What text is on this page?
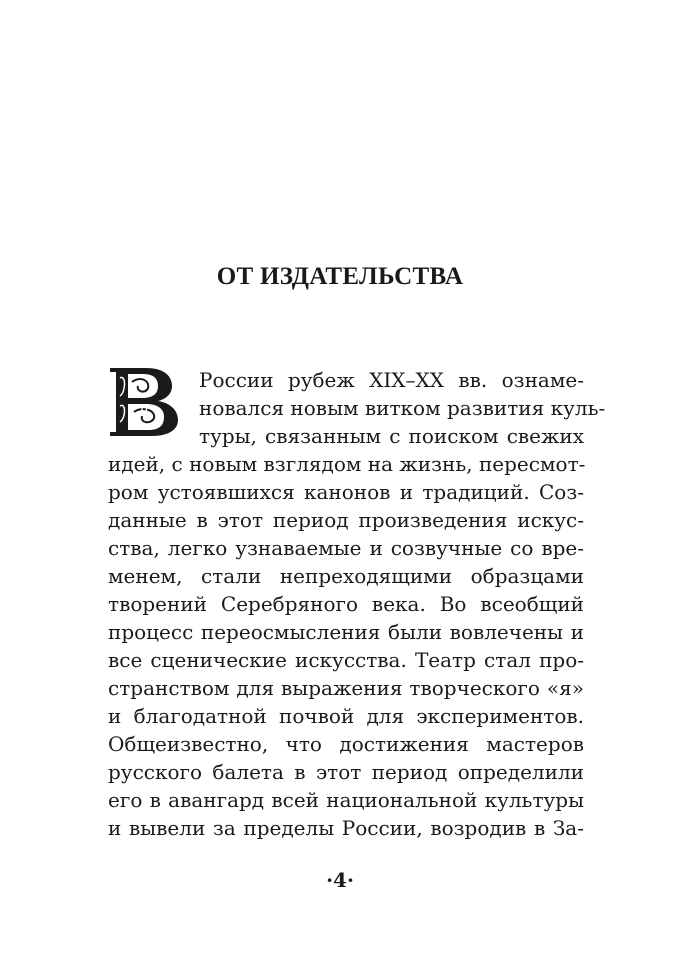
ОТ ИЗДАТЕЛЬСТВА
В
России рубеж XIX–XX вв. ознаме-
новался новым витком развития куль-
туры, связанным с поиском свежих
идей, с новым взглядом на жизнь, пересмот-
ром устоявшихся канонов и традиций. Соз-
данные в этот период произведения искус-
ства, легко узнаваемые и созвучные со вре-
менем, стали непреходящими образцами
творений Серебряного века. Во всеобщий
процесс переосмысления были вовлечены и
все сценические искусства. Театр стал про-
странством для выражения творческого «я»
и благодатной почвой для экспериментов.
Общеизвестно, что достижения мастеров
русского балета в этот период определили
его в авангард всей национальной культуры
и вывели за пределы России, возродив в За-
·4·
